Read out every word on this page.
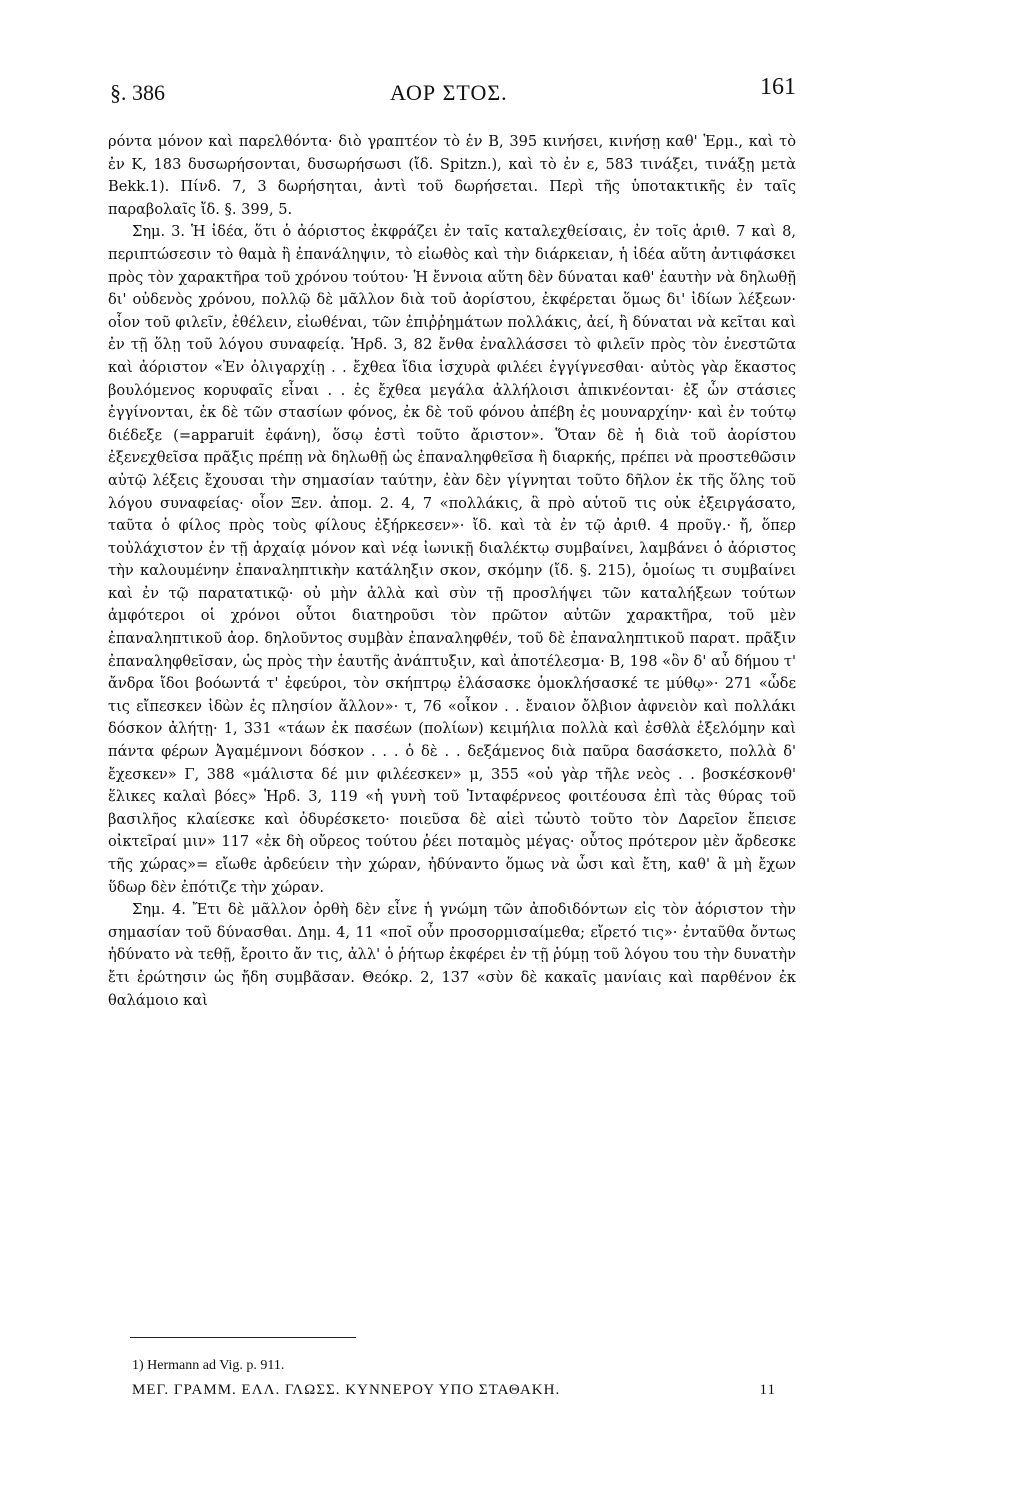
§. 386	ΑΟΡ ΣΤΟΣ.	161

ρόντα μόνον καὶ παρελθόντα· διὸ γραπτέον τὸ ἐν B, 395 κινήσει, κινήσῃ καθ' Ἑρμ., καὶ τὸ ἐν K, 183 δυσωρήσονται, δυσωρήσωσι (ἴδ. Spitzn.), καὶ τὸ ἐν ε, 583 τινάξει, τινάξῃ μετὰ Bekk.1). Πίνδ. 7, 3 δωρήσηται, ἀντὶ τοῦ δωρήσεται. Περὶ τῆς ὑποτακτικῆς ἐν ταῖς παραβολαῖς ἴδ. §. 399, 5.

Σημ. 3. Ἡ ἰδέα, ὅτι ὁ ἀόριστος ἐκφράζει ἐν ταῖς καταλεχθείσαις, ἐν τοῖς ἀριθ. 7 καὶ 8, περιπτώσεσιν τὸ θαμὰ ἢ ἐπανάληψιν, τὸ εἰωθὸς καὶ τὴν διάρκειαν, ἡ ἰδέα αὕτη ἀντιφάσκει πρὸς τὸν χαρακτῆρα τοῦ χρόνου τούτου· Ἡ ἔννοια αὕτη δὲν δύναται καθ' ἑαυτὴν νὰ δηλωθῇ δι' οὐδενὸς χρόνου, πολλῷ δὲ μᾶλλον διὰ τοῦ ἀορίστου, ἐκφέρεται ὅμως δι' ἰδίων λέξεων· οἷον τοῦ φιλεῖν, ἐθέλειν, εἰωθέναι, τῶν ἐπιῤῥημάτων πολλάκις, ἀεί, ἢ δύναται νὰ κεῖται καὶ ἐν τῇ ὅλῃ τοῦ λόγου συναφείᾳ. Ἡρδ. 3, 82 ἔνθα ἐναλλάσσει τὸ φιλεῖν πρὸς τὸν ἐνεστῶτα καὶ ἀόριστον «Ἐν ὀλιγαρχίῃ . . ἔχθεα ἴδια ἰσχυρὰ φιλέει ἐγγίγνεσθαι· αὐτὸς γὰρ ἕκαστος βουλόμενος κορυφαῖς εἶναι . . ἐς ἔχθεα μεγάλα ἀλλήλοισι ἀπικνέονται· ἐξ ὧν στάσιες ἐγγίνονται, ἐκ δὲ τῶν στασίων φόνος, ἐκ δὲ τοῦ φόνου ἀπέβη ἐς μουναρχίην· καὶ ἐν τούτῳ διέδεξε (=apparuit ἐφάνη), ὅσῳ ἐστὶ τοῦτο ἄριστον». Ὅταν δὲ ἡ διὰ τοῦ ἀορίστου ἐξενεχθεῖσα πρᾶξις πρέπῃ νὰ δηλωθῇ ὡς ἐπαναληφθεῖσα ἢ διαρκής, πρέπει νὰ προστεθῶσιν αὐτῷ λέξεις ἔχουσαι τὴν σημασίαν ταύτην, ἐὰν δὲν γίγνηται τοῦτο δῆλον ἐκ τῆς ὅλης τοῦ λόγου συναφείας· οἷον Ξεν. ἀπομ. 2. 4, 7 «πολλάκις, ἃ πρὸ αὑτοῦ τις οὐκ ἐξειργάσατο, ταῦτα ὁ φίλος πρὸς τοὺς φίλους ἐξήρκεσεν»· ἴδ. καὶ τὰ ἐν τῷ ἀριθ. 4 προῦγ.· ἤ, ὅπερ τοὐλάχιστον ἐν τῇ ἀρχαίᾳ μόνον καὶ νέᾳ ἰωνικῇ διαλέκτῳ συμβαίνει, λαμβάνει ὁ ἀόριστος τὴν καλουμένην ἐπαναληπτικὴν κατάληξιν σκον, σκόμην (ἴδ. §. 215), ὁμοίως τι συμβαίνει καὶ ἐν τῷ παρατατικῷ· οὐ μὴν ἀλλὰ καὶ σὺν τῇ προσλήψει τῶν καταλήξεων τούτων ἀμφότεροι οἱ χρόνοι οὗτοι διατηροῦσι τὸν πρῶτον αὐτῶν χαρακτῆρα, τοῦ μὲν ἐπαναληπτικοῦ ἀορ. δηλοῦντος συμβὰν ἐπαναληφθέν, τοῦ δὲ ἐπαναληπτικοῦ παρατ. πρᾶξιν ἐπαναληφθεῖσαν, ὡς πρὸς τὴν ἑαυτῆς ἀνάπτυξιν, καὶ ἀποτέλεσμα· B, 198 «ὃν δ' αὖ δήμου τ' ἄνδρα ἴδοι βοόωντά τ' ἐφεύροι, τὸν σκήπτρῳ ἐλάσασκε ὁμοκλήσασκέ τε μύθῳ»· 271 «ὧδε τις εἴπεσκεν ἰδὼν ἐς πλησίον ἄλλον»· τ, 76 «οἶκον . . ἔναιον ὄλβιον ἀφνειὸν καὶ πολλάκι δόσκον ἀλήτῃ· 1, 331 «τάων ἐκ πασέων (πολίων) κειμήλια πολλὰ καὶ ἐσθλὰ ἐξελόμην καὶ πάντα φέρων Ἀγαμέμνονι δόσκον . . . ὁ δὲ . . δεξάμενος διὰ παῦρα δασάσκετο, πολλὰ δ' ἔχεσκεν» Γ, 388 «μάλιστα δέ μιν φιλέεσκεν» μ, 355 «οὐ γὰρ τῆλε νεὸς . . βοσκέσκονθ' ἕλικες καλαὶ βόες» Ἡρδ. 3, 119 «ἡ γυνὴ τοῦ Ἰνταφέρνεος φοιτέουσα ἐπὶ τὰς θύρας τοῦ βασιλῆος κλαίεσκε καὶ ὀδυρέσκετο· ποιεῦσα δὲ αἰεὶ τὠυτὸ τοῦτο τὸν Δαρεῖον ἔπεισε οἰκτεῖραί μιν» 117 «ἐκ δὴ οὔρεος τούτου ῥέει ποταμὸς μέγας· οὗτος πρότερον μὲν ἄρδεσκε τῆς χώρας»= εἴωθε ἀρδεύειν τὴν χώραν, ἠδύναντο ὅμως νὰ ὦσι καὶ ἔτη, καθ' ἃ μὴ ἔχων ὕδωρ δὲν ἐπότιζε τὴν χώραν.

Σημ. 4. Ἔτι δὲ μᾶλλον ὀρθὴ δὲν εἶνε ἡ γνώμη τῶν ἀποδιδόντων εἰς τὸν ἀόριστον τὴν σημασίαν τοῦ δύνασθαι. Δημ. 4, 11 «ποῖ οὖν προσορμισαίμεθα; εἴρετό τις»· ἐνταῦθα ὄντως ἠδύνατο νὰ τεθῇ, ἔροιτο ἄν τις, ἀλλ' ὁ ῥήτωρ ἐκφέρει ἐν τῇ ῥύμῃ τοῦ λόγου του τὴν δυνατὴν ἔτι ἐρώτησιν ὡς ἤδη συμβᾶσαν. Θεόκρ. 2, 137 «σὺν δὲ κακαῖς μανίαις καὶ παρθένον ἐκ θαλάμοιο καὶ

1) Hermann ad Vig. p. 911.
ΜΕΓ. ΓΡΑΜΜ. ΕΛΛ. ΓΛΩΣΣ. ΚΥΝΝΕΡΟΥ ΥΠΟ ΣΤΑΘΑΚΗ.	11
